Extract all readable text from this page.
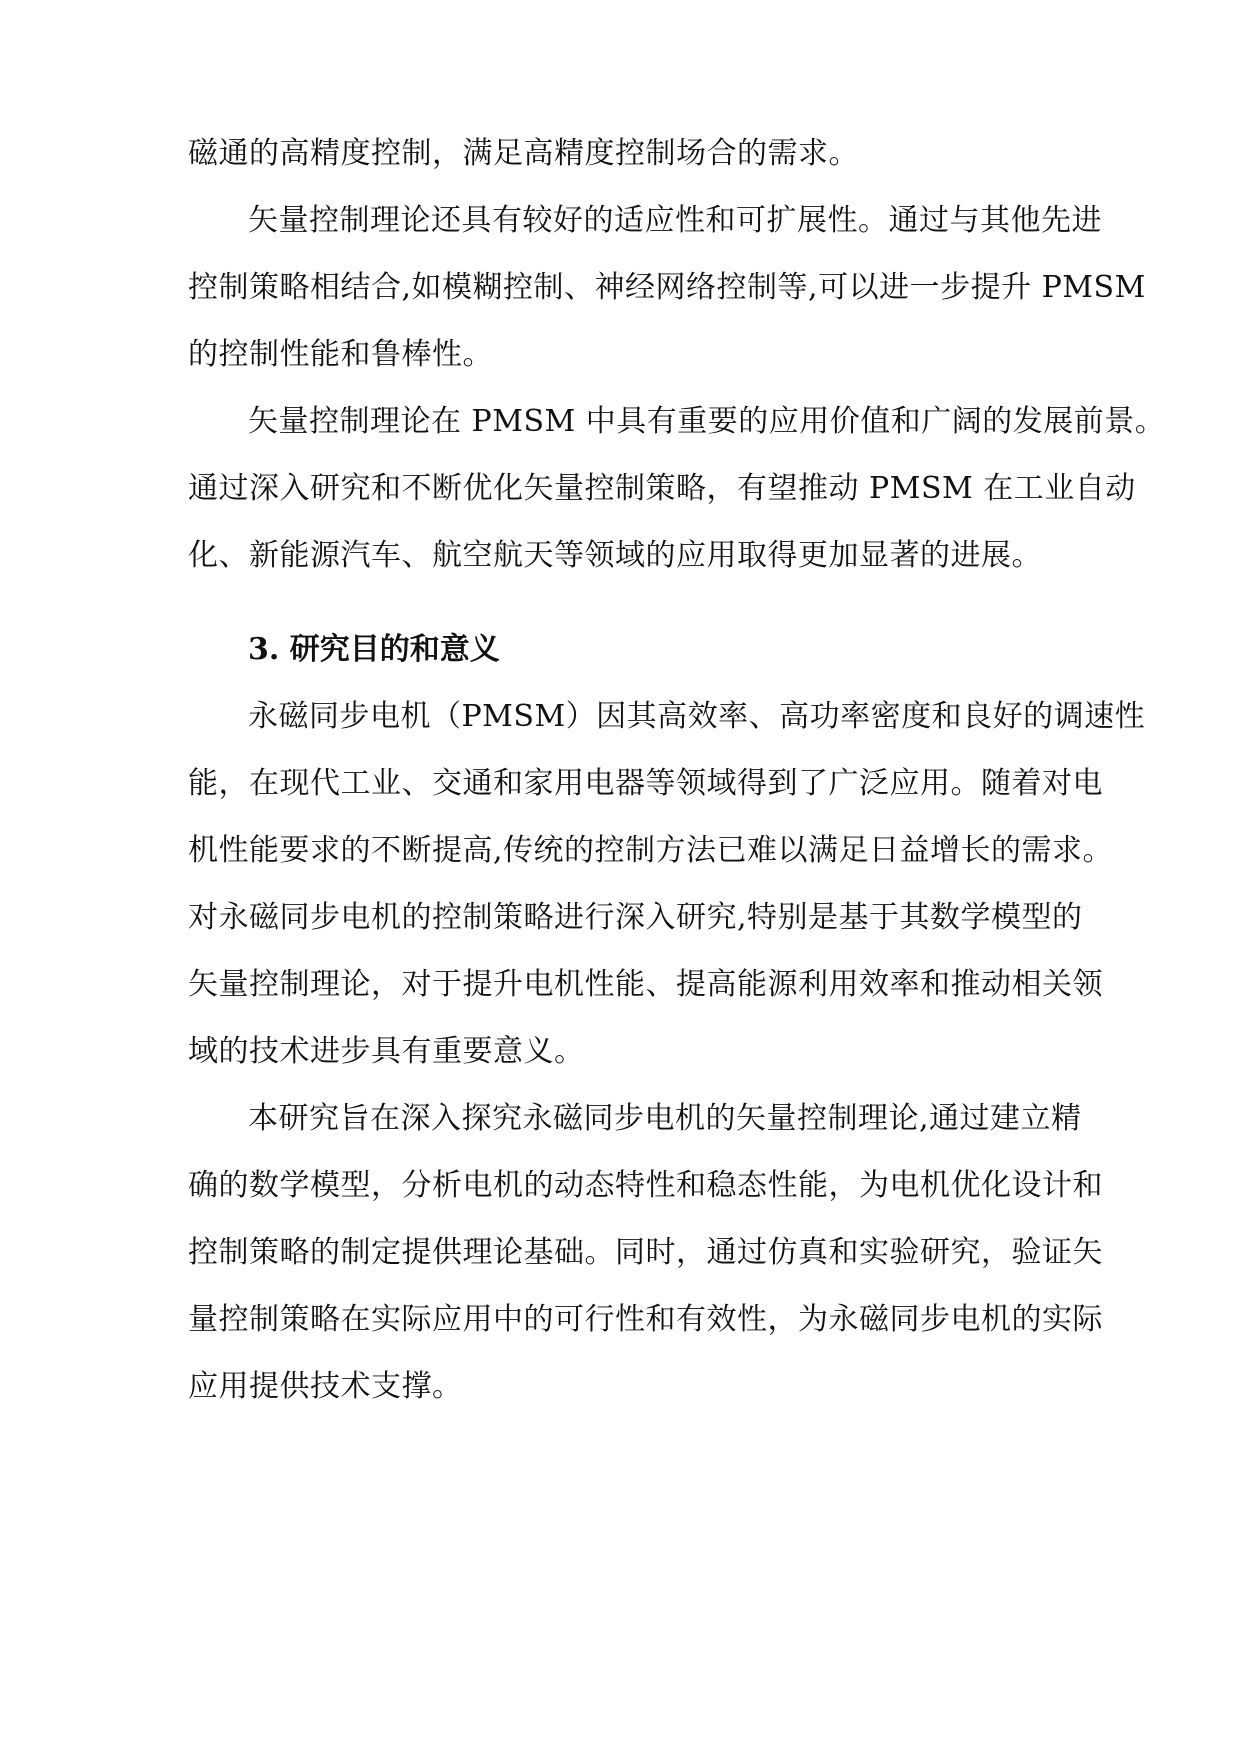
磁通的高精度控制，满足高精度控制场合的需求。
矢量控制理论还具有较好的适应性和可扩展性。通过与其他先进
控制策略相结合,如模糊控制、神经网络控制等,可以进一步提升 PMSM
的控制性能和鲁棒性。
矢量控制理论在 PMSM 中具有重要的应用价值和广阔的发展前景。
通过深入研究和不断优化矢量控制策略，有望推动 PMSM 在工业自动
化、新能源汽车、航空航天等领域的应用取得更加显著的进展。
3. 研究目的和意义
永磁同步电机（PMSM）因其高效率、高功率密度和良好的调速性
能，在现代工业、交通和家用电器等领域得到了广泛应用。随着对电
机性能要求的不断提高,传统的控制方法已难以满足日益增长的需求。
对永磁同步电机的控制策略进行深入研究,特别是基于其数学模型的
矢量控制理论，对于提升电机性能、提高能源利用效率和推动相关领
域的技术进步具有重要意义。
本研究旨在深入探究永磁同步电机的矢量控制理论,通过建立精
确的数学模型，分析电机的动态特性和稳态性能，为电机优化设计和
控制策略的制定提供理论基础。同时，通过仿真和实验研究，验证矢
量控制策略在实际应用中的可行性和有效性，为永磁同步电机的实际
应用提供技术支撑。
